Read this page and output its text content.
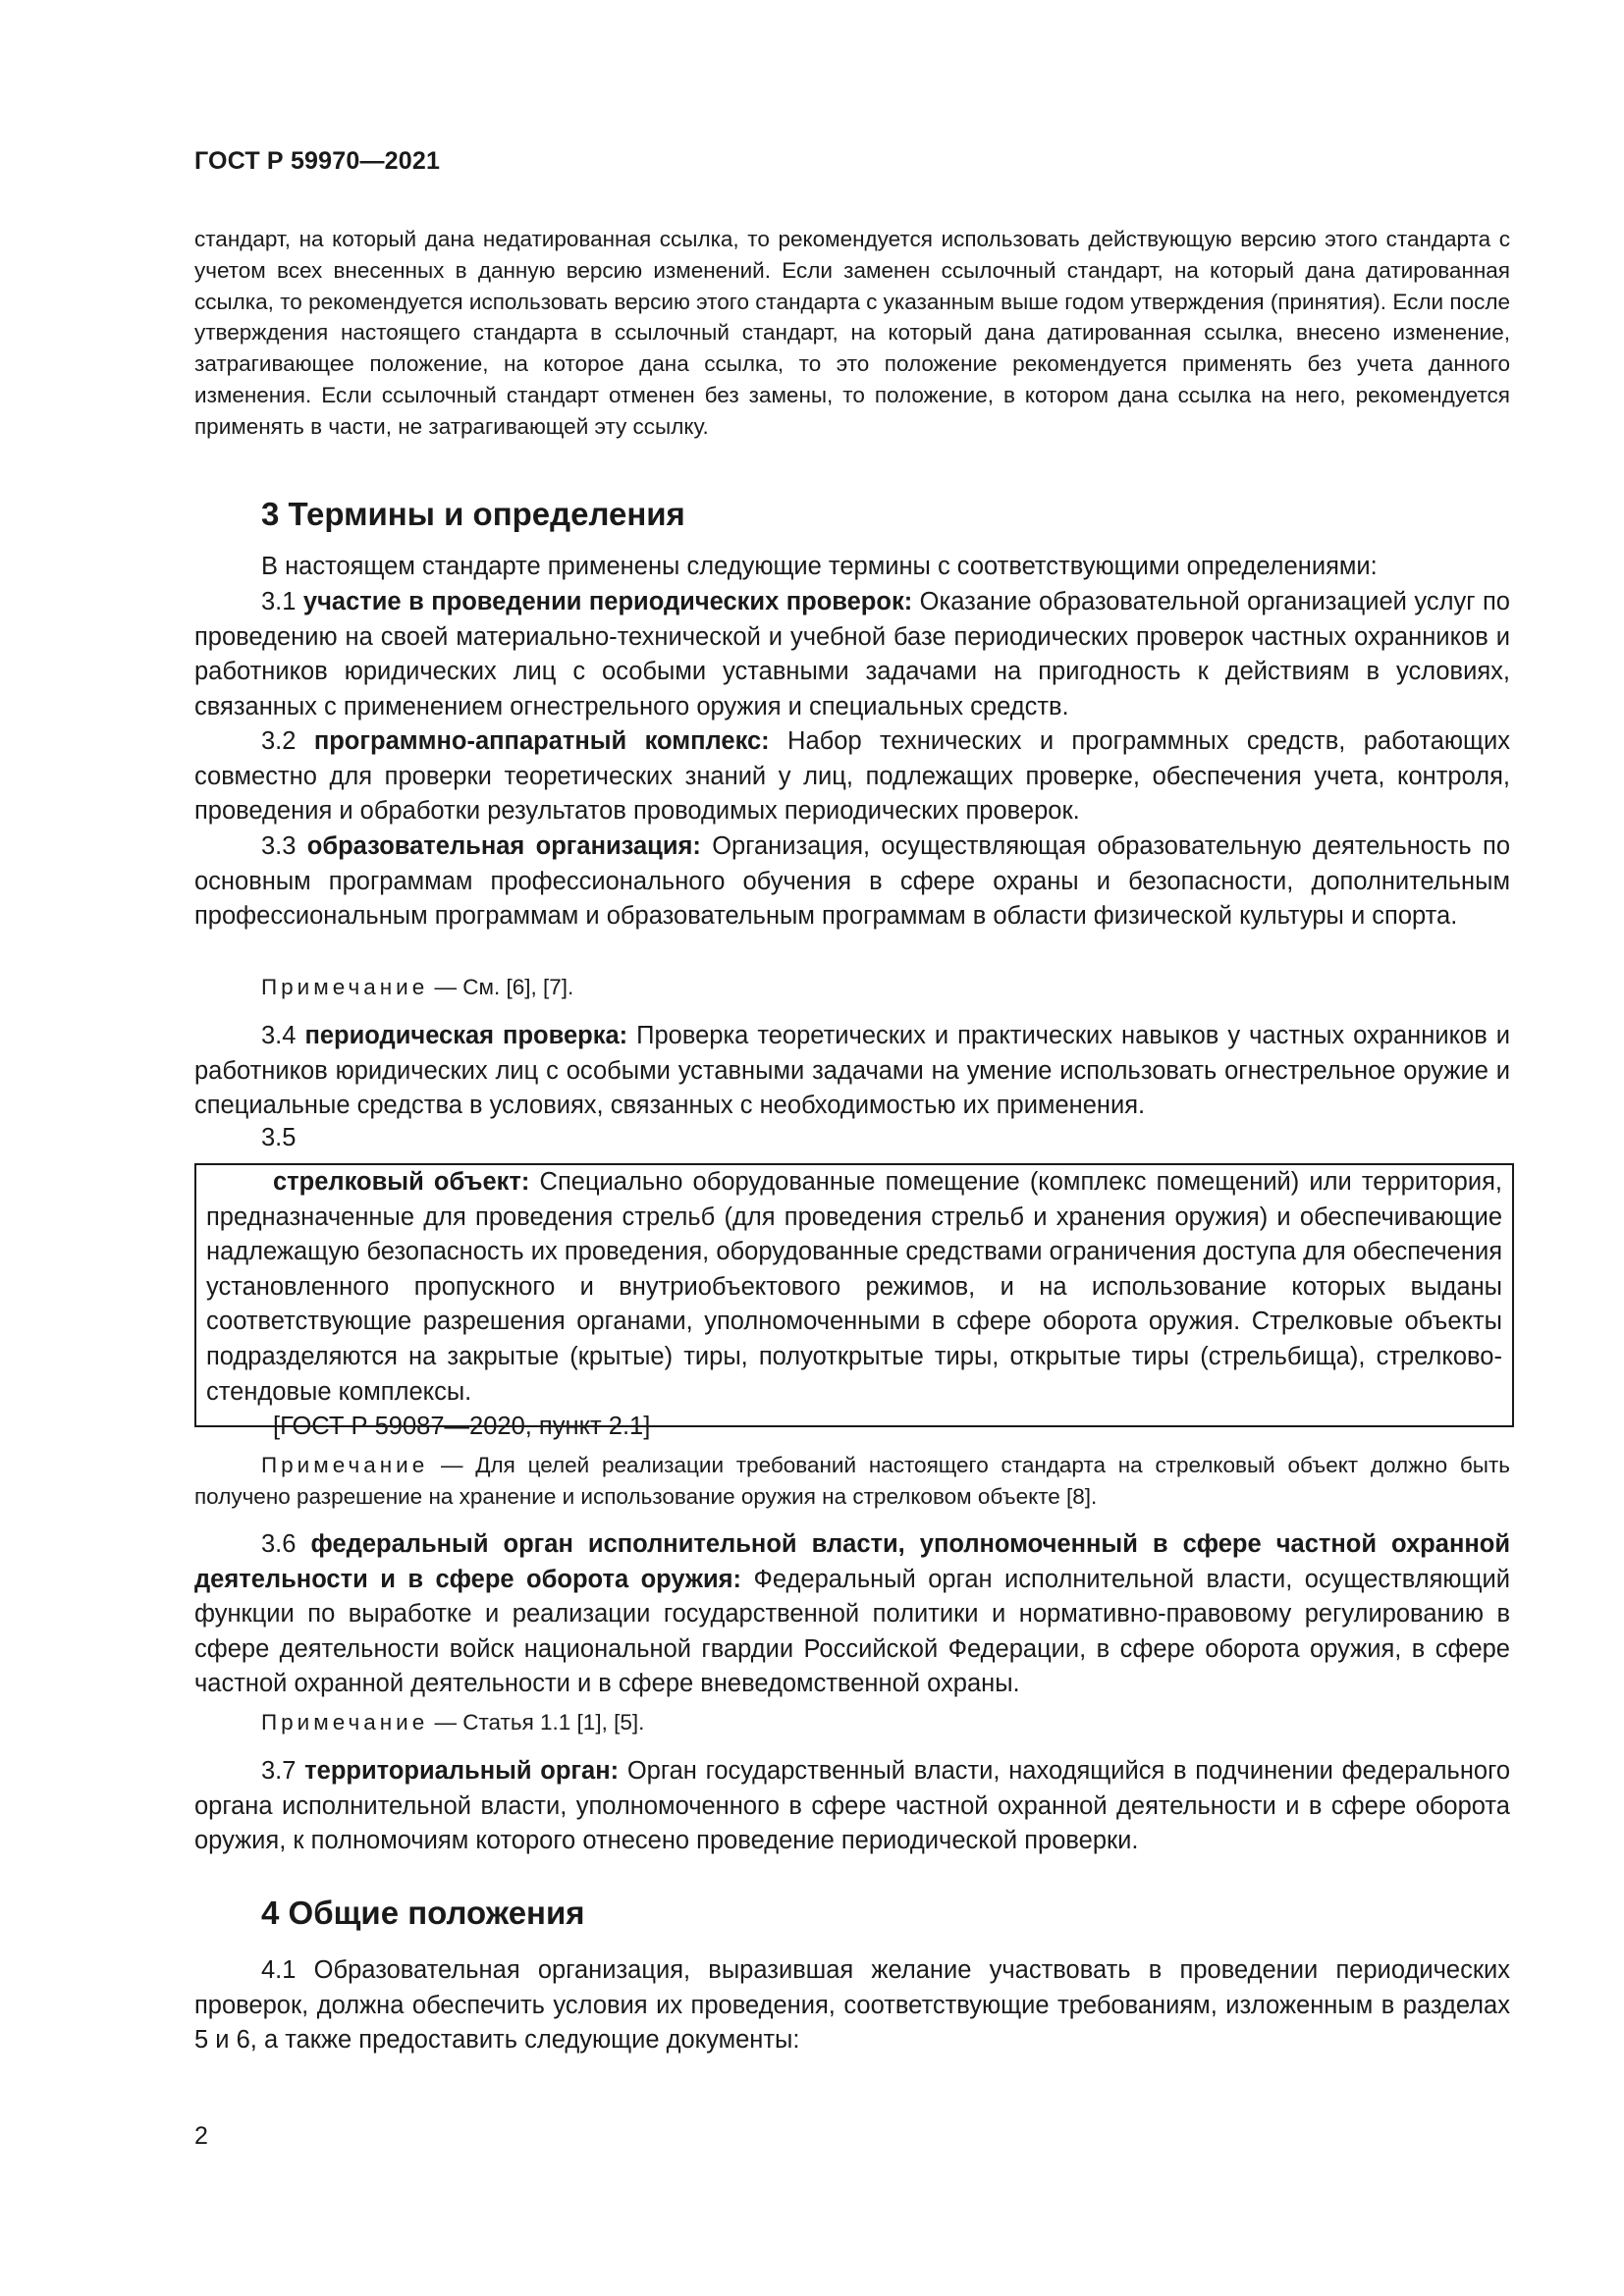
ГОСТ Р 59970—2021

стандарт, на который дана недатированная ссылка, то рекомендуется использовать действующую версию этого стандарта с учетом всех внесенных в данную версию изменений. Если заменен ссылочный стандарт, на который дана датированная ссылка, то рекомендуется использовать версию этого стандарта с указанным выше годом утверждения (принятия). Если после утверждения настоящего стандарта в ссылочный стандарт, на который дана датированная ссылка, внесено изменение, затрагивающее положение, на которое дана ссылка, то это положение рекомендуется применять без учета данного изменения. Если ссылочный стандарт отменен без замены, то положение, в котором дана ссылка на него, рекомендуется применять в части, не затрагивающей эту ссылку.

3 Термины и определения

В настоящем стандарте применены следующие термины с соответствующими определениями:

3.1 участие в проведении периодических проверок: Оказание образовательной организацией услуг по проведению на своей материально-технической и учебной базе периодических проверок частных охранников и работников юридических лиц с особыми уставными задачами на пригодность к действиям в условиях, связанных с применением огнестрельного оружия и специальных средств.

3.2 программно-аппаратный комплекс: Набор технических и программных средств, работающих совместно для проверки теоретических знаний у лиц, подлежащих проверке, обеспечения учета, контроля, проведения и обработки результатов проводимых периодических проверок.

3.3 образовательная организация: Организация, осуществляющая образовательную деятельность по основным программам профессионального обучения в сфере охраны и безопасности, дополнительным профессиональным программам и образовательным программам в области физической культуры и спорта.

Примечание — См. [6], [7].

3.4 периодическая проверка: Проверка теоретических и практических навыков у частных охранников и работников юридических лиц с особыми уставными задачами на умение использовать огнестрельное оружие и специальные средства в условиях, связанных с необходимостью их применения.

3.5

стрелковый объект: Специально оборудованные помещение (комплекс помещений) или территория, предназначенные для проведения стрельб (для проведения стрельб и хранения оружия) и обеспечивающие надлежащую безопасность их проведения, оборудованные средствами ограничения доступа для обеспечения установленного пропускного и внутриобъектового режимов, и на использование которых выданы соответствующие разрешения органами, уполномоченными в сфере оборота оружия. Стрелковые объекты подразделяются на закрытые (крытые) тиры, полуоткрытые тиры, открытые тиры (стрельбища), стрелково-стендовые комплексы.

[ГОСТ Р 59087—2020, пункт 2.1]

Примечание — Для целей реализации требований настоящего стандарта на стрелковый объект должно быть получено разрешение на хранение и использование оружия на стрелковом объекте [8].

3.6 федеральный орган исполнительной власти, уполномоченный в сфере частной охранной деятельности и в сфере оборота оружия: Федеральный орган исполнительной власти, осуществляющий функции по выработке и реализации государственной политики и нормативно-правовому регулированию в сфере деятельности войск национальной гвардии Российской Федерации, в сфере оборота оружия, в сфере частной охранной деятельности и в сфере вневедомственной охраны.

Примечание — Статья 1.1 [1], [5].

3.7 территориальный орган: Орган государственный власти, находящийся в подчинении федерального органа исполнительной власти, уполномоченного в сфере частной охранной деятельности и в сфере оборота оружия, к полномочиям которого отнесено проведение периодической проверки.

4 Общие положения

4.1 Образовательная организация, выразившая желание участвовать в проведении периодических проверок, должна обеспечить условия их проведения, соответствующие требованиям, изложенным в разделах 5 и 6, а также предоставить следующие документы:

2
